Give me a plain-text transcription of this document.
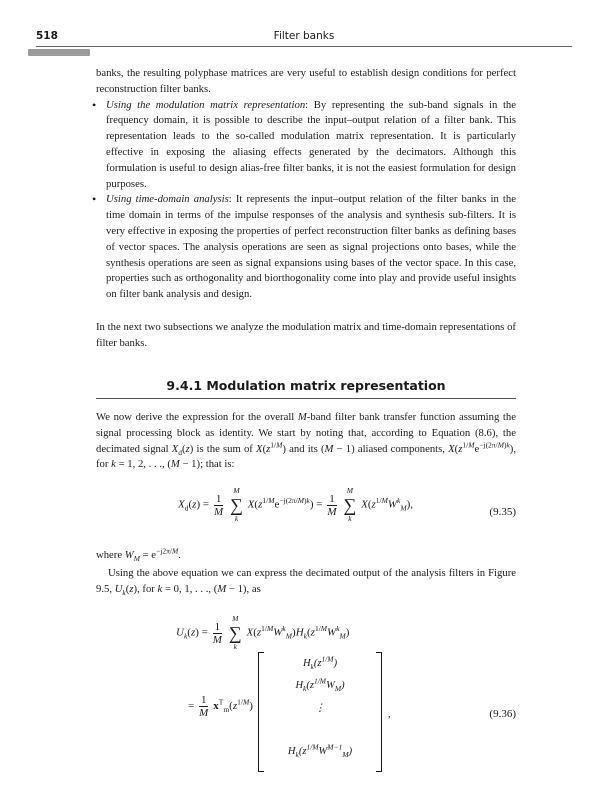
518	Filter banks

banks, the resulting polyphase matrices are very useful to establish design conditions for perfect reconstruction filter banks.

• Using the modulation matrix representation: By representing the sub-band signals in the frequency domain, it is possible to describe the input–output relation of a filter bank. This representation leads to the so-called modulation matrix representation. It is particularly effective in exposing the aliasing effects generated by the decimators. Although this formulation is useful to design alias-free filter banks, it is not the easiest formulation for design purposes.
• Using time-domain analysis: It represents the input–output relation of the filter banks in the time domain in terms of the impulse responses of the analysis and synthesis sub-filters. It is very effective in exposing the properties of perfect reconstruction filter banks as defining bases of vector spaces. The analysis operations are seen as signal projections onto bases, while the synthesis operations are seen as signal expansions using bases of the vector space. In this case, properties such as orthogonality and biorthogonality come into play and provide useful insights on filter bank analysis and design.

In the next two subsections we analyze the modulation matrix and time-domain representations of filter banks.

9.4.1 Modulation matrix representation
We now derive the expression for the overall M-band filter bank transfer function assuming the signal processing block as identity. We start by noting that, according to Equation (8.6), the decimated signal $X_d(z)$ is the sum of $X(z^{1/M})$ and its (M − 1) aliased components, $X(z^{1/M}e^{-j(2\pi/M)k})$, for k = 1, 2, . . ., (M − 1); that is:
$X_d(z) = \frac{1}{M}$

M
∑
k
$X(z^{1/M}e^{-j(2\pi/M)k}) = \frac{1}{M}$

M
∑
k
$X(z^{1/M}W^k_M)$,
(9.35)
where $W_M = e^{-j2\pi/M}$.
Using the above equation we can express the decimated output of the analysis filters in Figure 9.5, $U_k(z)$, for k = 0, 1, . . ., (M − 1), as
$U_k(z) = \frac{1}{M}$

M
∑
k
$X(z^{1/M}W^k_M)H_k(z^{1/M}W^k_M)$
= $\frac{1}{M} x^T_m(z^{1/M})$
$H_k(z^{1/M})$
$H_k(z^{1/M}W_M)$
⋮
$H_k(z^{1/M}W^{M-1}_M)$
,	(9.36)
